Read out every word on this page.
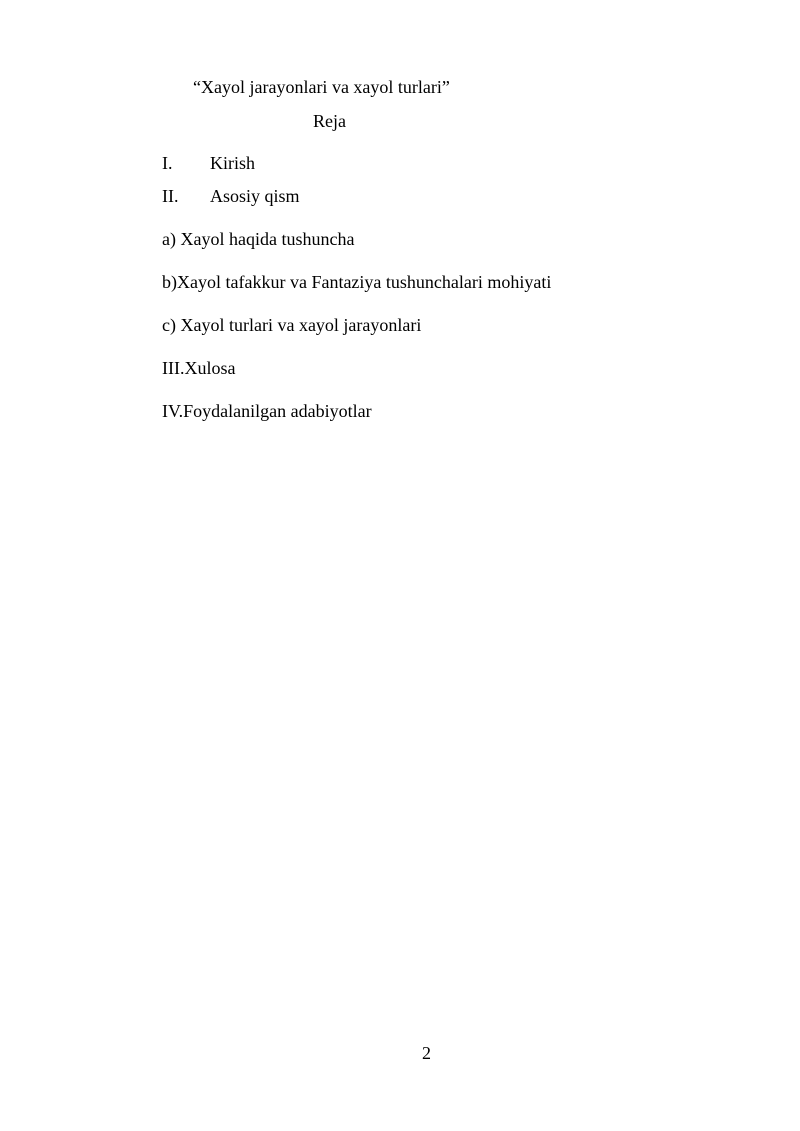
“Xayol jarayonlari va xayol turlari”
Reja
I. Kirish
II. Asosiy qism
a) Xayol haqida tushuncha
b)Xayol tafakkur va Fantaziya tushunchalari mohiyati
c) Xayol turlari va xayol jarayonlari
III.Xulosa
IV.Foydalanilgan adabiyotlar
2
